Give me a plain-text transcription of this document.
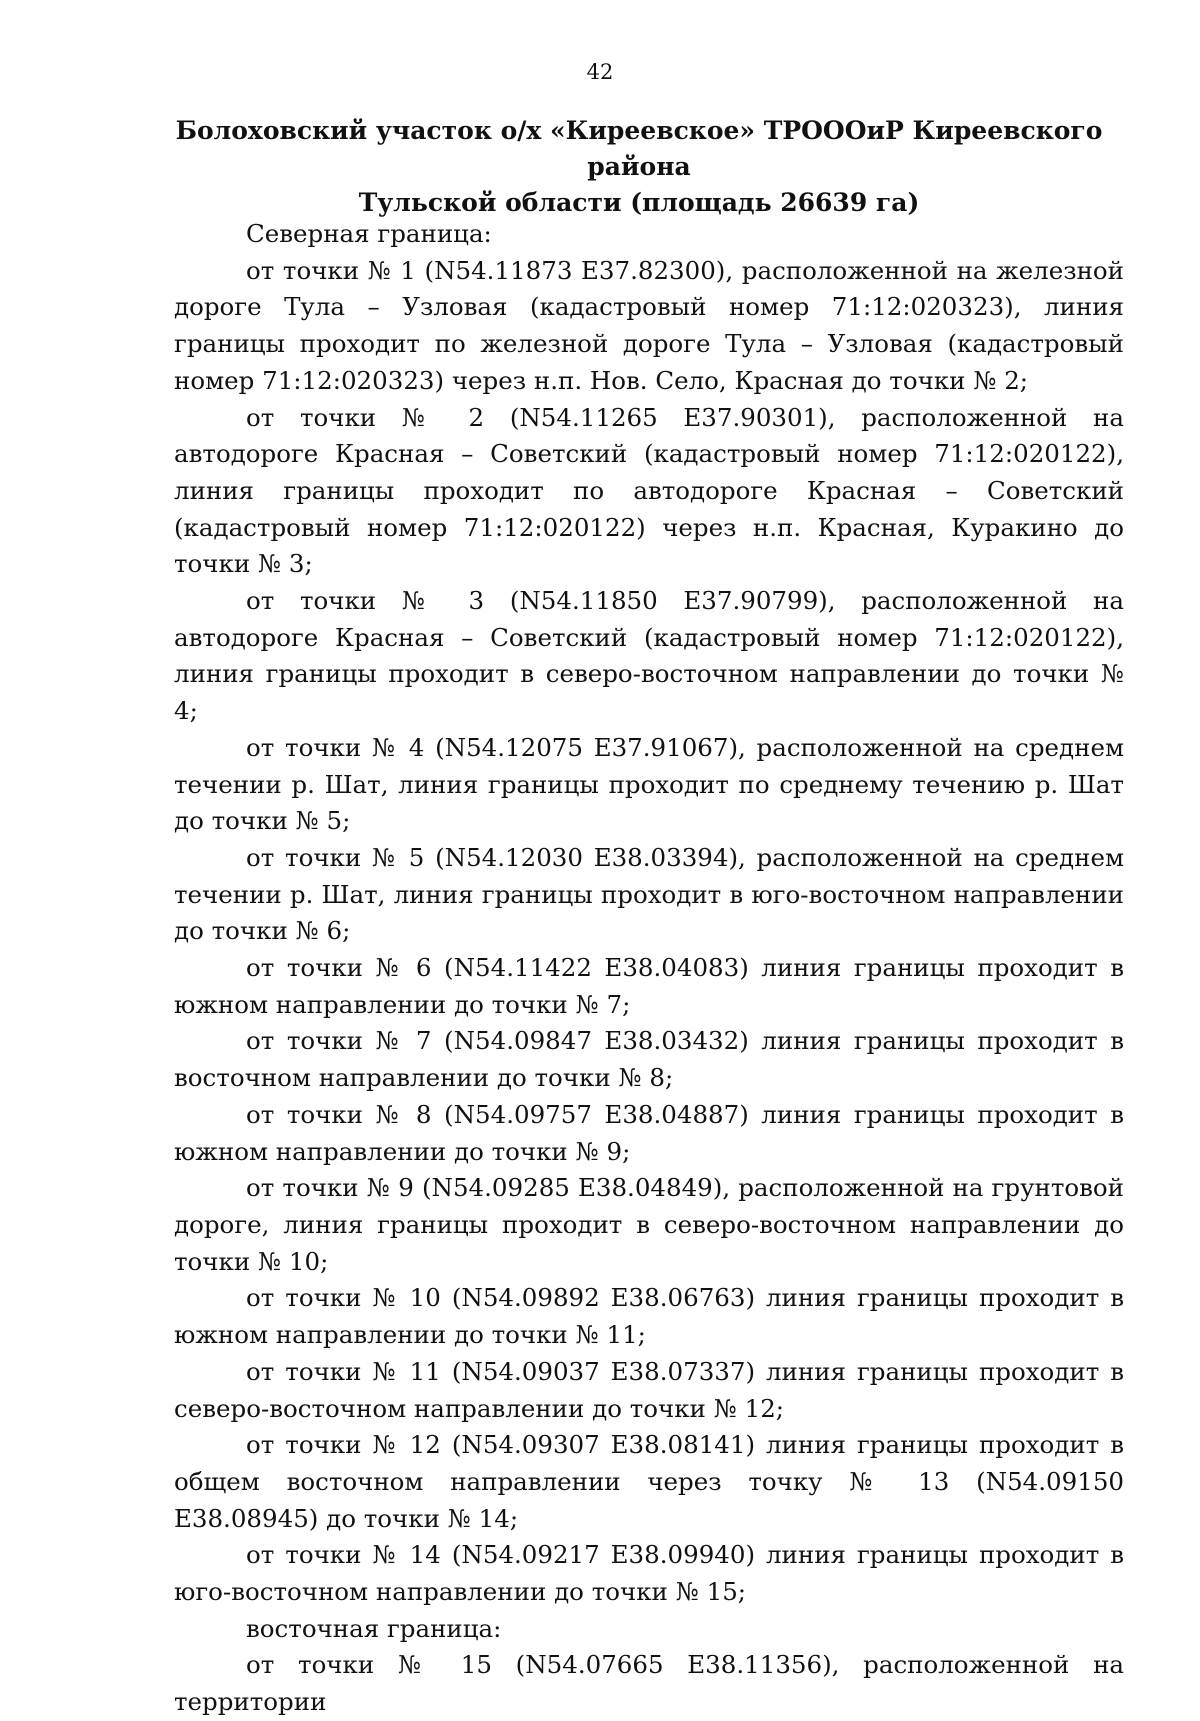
42
Болоховский участок о/х «Киреевское» ТРОООиР Киреевского района
Тульской области (площадь 26639 га)

Северная граница:

от точки № 1 (N54.11873 E37.82300), расположенной на железной дороге Тула – Узловая (кадастровый номер 71:12:020323), линия границы проходит по железной дороге Тула – Узловая (кадастровый номер 71:12:020323) через н.п. Нов. Село, Красная до точки № 2;

от точки № 2 (N54.11265 E37.90301), расположенной на автодороге Красная – Советский (кадастровый номер 71:12:020122), линия границы проходит по автодороге Красная – Советский (кадастровый номер 71:12:020122) через н.п. Красная, Куракино до точки № 3;

от точки № 3 (N54.11850 E37.90799), расположенной на автодороге Красная – Советский (кадастровый номер 71:12:020122), линия границы проходит в северо-восточном направлении до точки № 4;

от точки № 4 (N54.12075 E37.91067), расположенной на среднем течении р. Шат, линия границы проходит по среднему течению р. Шат до точки № 5;

от точки № 5 (N54.12030 E38.03394), расположенной на среднем течении р. Шат, линия границы проходит в юго-восточном направлении до точки № 6;

от точки № 6 (N54.11422 E38.04083) линия границы проходит в южном направлении до точки № 7;

от точки № 7 (N54.09847 E38.03432) линия границы проходит в восточном направлении до точки № 8;

от точки № 8 (N54.09757 E38.04887) линия границы проходит в южном направлении до точки № 9;

от точки № 9 (N54.09285 E38.04849), расположенной на грунтовой дороге, линия границы проходит в северо-восточном направлении до точки № 10;

от точки № 10 (N54.09892 E38.06763) линия границы проходит в южном направлении до точки № 11;

от точки № 11 (N54.09037 E38.07337) линия границы проходит в северо-восточном направлении до точки № 12;

от точки № 12 (N54.09307 E38.08141) линия границы проходит в общем восточном направлении через точку № 13 (N54.09150 E38.08945) до точки № 14;

от точки № 14 (N54.09217 E38.09940) линия границы проходит в юго-восточном направлении до точки № 15;

восточная граница:

от точки № 15 (N54.07665 E38.11356), расположенной на территории
